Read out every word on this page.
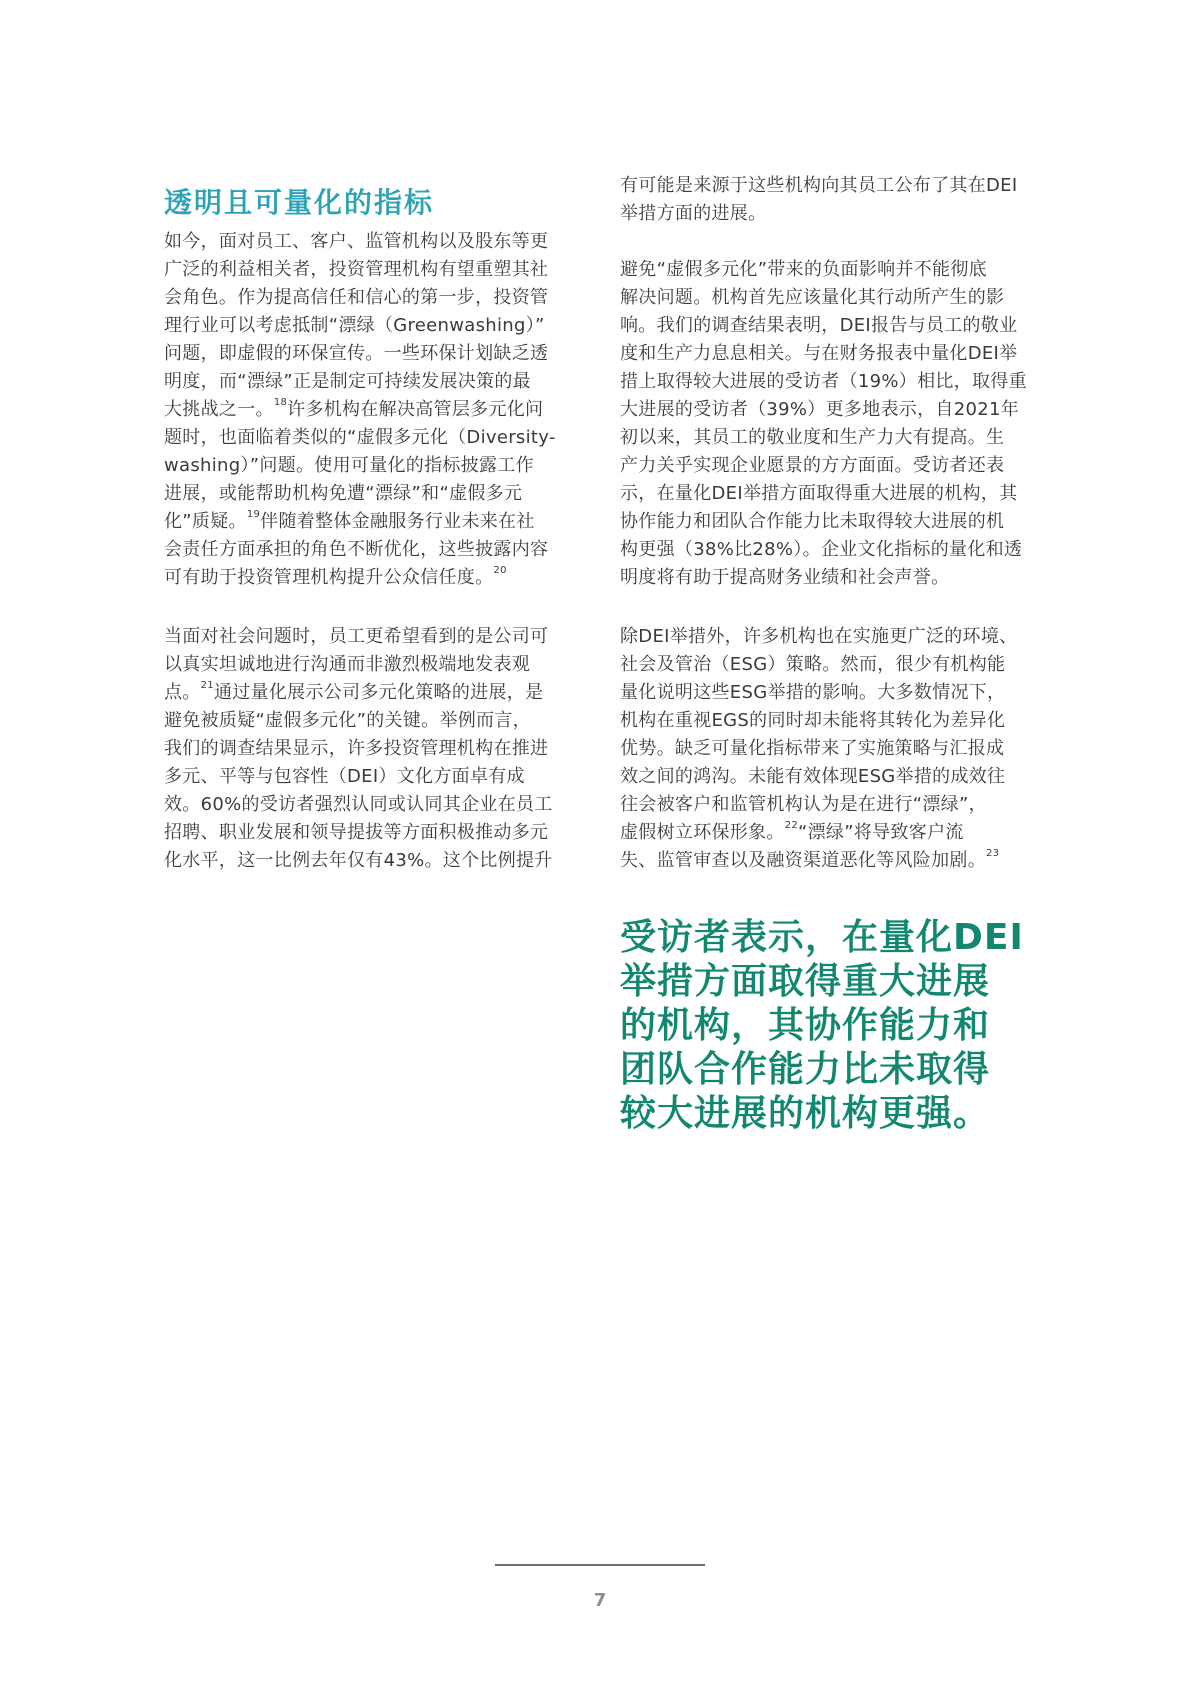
透明且可量化的指标
如今，面对员工、客户、监管机构以及股东等更
广泛的利益相关者，投资管理机构有望重塑其社
会角色。作为提高信任和信心的第一步，投资管
理行业可以考虑抵制“漂绿（Greenwashing）”
问题，即虚假的环保宣传。一些环保计划缺乏透
明度，而“漂绿”正是制定可持续发展决策的最
大挑战之一。$^{18}$许多机构在解决高管层多元化问
题时，也面临着类似的“虚假多元化（Diversity-
washing）”问题。使用可量化的指标披露工作
进展，或能帮助机构免遭“漂绿”和“虚假多元
化”质疑。$^{19}$伴随着整体金融服务行业未来在社
会责任方面承担的角色不断优化，这些披露内容
可有助于投资管理机构提升公众信任度。$^{20}$
当面对社会问题时，员工更希望看到的是公司可
以真实坦诚地进行沟通而非激烈极端地发表观
点。$^{21}$通过量化展示公司多元化策略的进展，是
避免被质疑“虚假多元化”的关键。举例而言，
我们的调查结果显示，许多投资管理机构在推进
多元、平等与包容性（DEI）文化方面卓有成
效。60%的受访者强烈认同或认同其企业在员工
招聘、职业发展和领导提拔等方面积极推动多元
化水平，这一比例去年仅有43%。这个比例提升
有可能是来源于这些机构向其员工公布了其在DEI
举措方面的进展。
避免“虚假多元化”带来的负面影响并不能彻底
解决问题。机构首先应该量化其行动所产生的影
响。我们的调查结果表明，DEI报告与员工的敬业
度和生产力息息相关。与在财务报表中量化DEI举
措上取得较大进展的受访者（19%）相比，取得重
大进展的受访者（39%）更多地表示，自2021年
初以来，其员工的敬业度和生产力大有提高。生
产力关乎实现企业愿景的方方面面。受访者还表
示，在量化DEI举措方面取得重大进展的机构，其
协作能力和团队合作能力比未取得较大进展的机
构更强（38%比28%）。企业文化指标的量化和透
明度将有助于提高财务业绩和社会声誉。
除DEI举措外，许多机构也在实施更广泛的环境、
社会及管治（ESG）策略。然而，很少有机构能
量化说明这些ESG举措的影响。大多数情况下，
机构在重视EGS的同时却未能将其转化为差异化
优势。缺乏可量化指标带来了实施策略与汇报成
效之间的鸿沟。未能有效体现ESG举措的成效往
往会被客户和监管机构认为是在进行“漂绿”，
虚假树立环保形象。$^{22}$“漂绿”将导致客户流
失、监管审查以及融资渠道恶化等风险加剧。$^{23}$
受访者表示，在量化DEI
举措方面取得重大进展
的机构，其协作能力和
团队合作能力比未取得
较大进展的机构更强。
7
